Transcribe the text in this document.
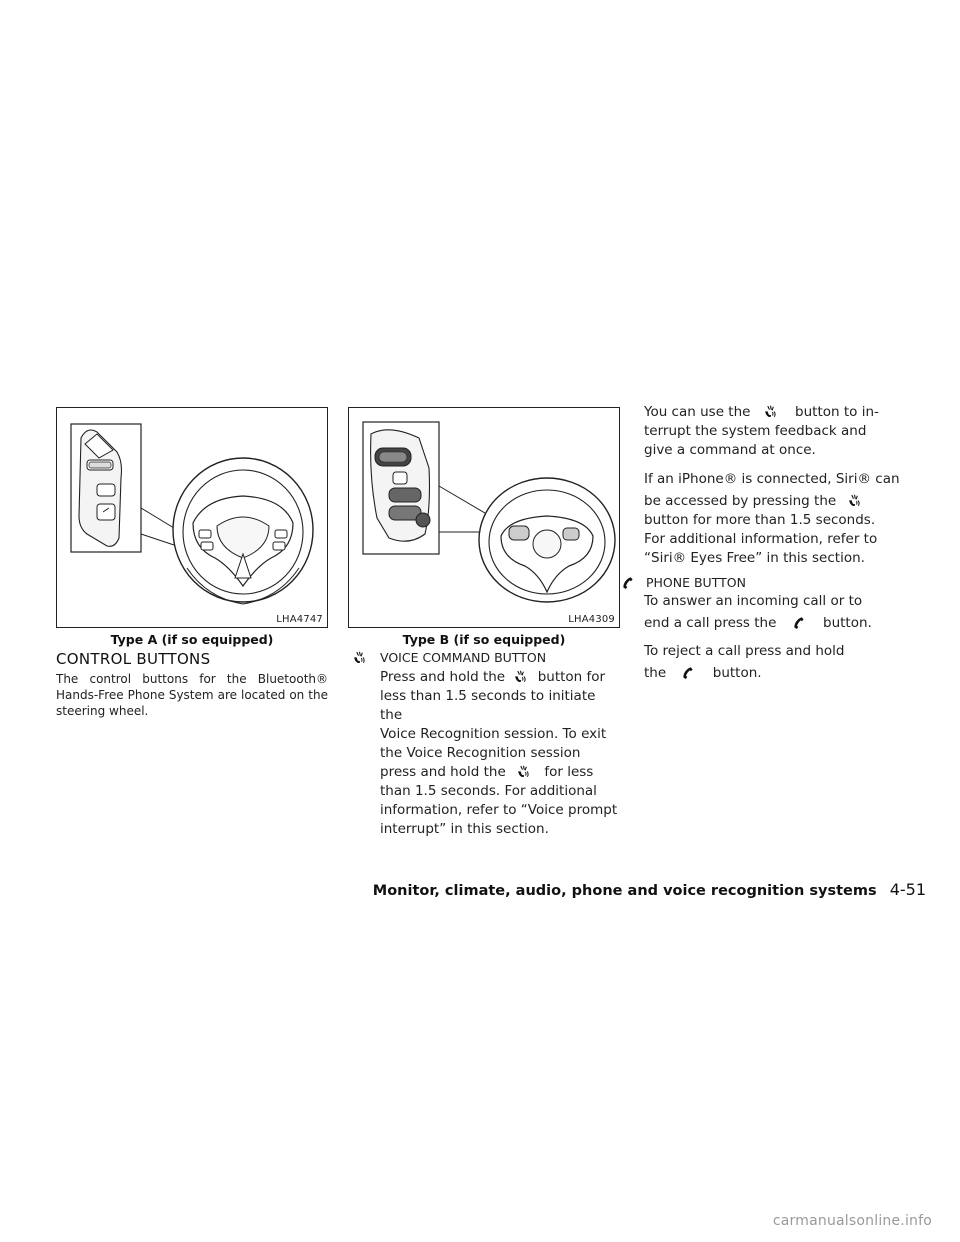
LHA4747
Type A (if so equipped)
LHA4309
Type B (if so equipped)
CONTROL BUTTONS
The control buttons for the Bluetooth® Hands-Free Phone System are located on the steering wheel.
VOICE COMMAND BUTTON
Press and hold the button for
less than 1.5 seconds to initiate the
Voice Recognition session. To exit
the Voice Recognition session
press and hold the	for less
than 1.5 seconds. For additional
information, refer to “Voice prompt
interrupt” in this section.
You can use the	button to in-
terrupt the system feedback and
give a command at once.
If an iPhone® is connected, Siri® can
be accessed by pressing the
button for more than 1.5 seconds.
For additional information, refer to
“Siri® Eyes Free” in this section.
PHONE BUTTON
To answer an incoming call or to
end a call press the	button.
To reject a call press and hold
the	button.
Monitor, climate, audio, phone and voice recognition systems 4-51
carmanualsonline.info
